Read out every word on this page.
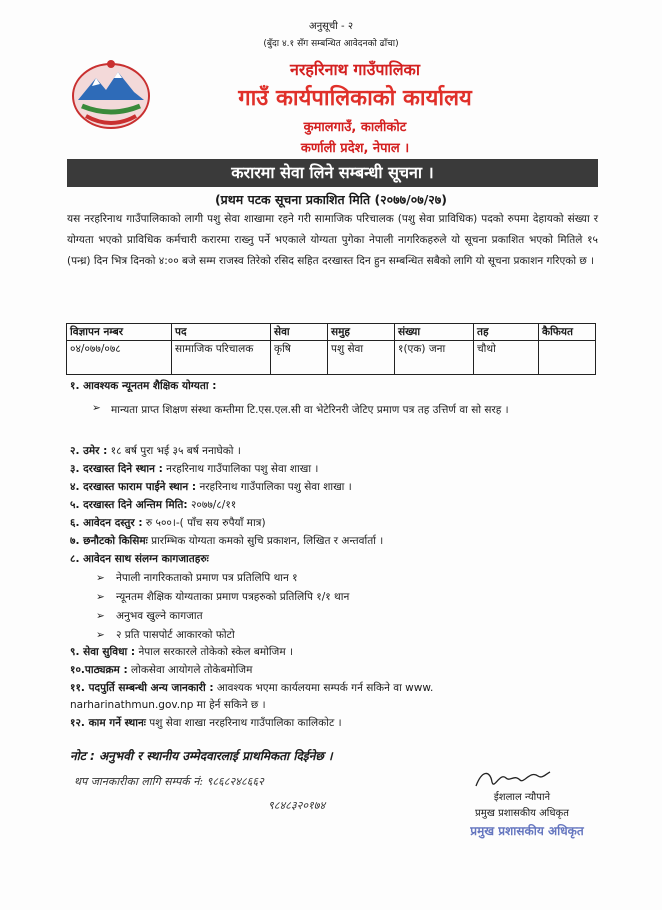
अनुसूची - २
(बुँदा ४.१ सँग सम्बन्धित आवेदनको ढाँचा)
नरहरिनाथ गाउँपालिका
गाउँ कार्यपालिकाको कार्यालय
कुमालगाउँ, कालीकोट
कर्णाली प्रदेश, नेपाल ।
करारमा सेवा लिने सम्बन्धी सूचना ।
(प्रथम पटक सूचना प्रकाशित मिति (२०७७/०७/२७)
यस नरहरिनाथ गाउँपालिकाको लागी पशु सेवा शाखामा रहने गरी सामाजिक परिचालक (पशु सेवा प्राविधिक) पदको रुपमा देहायको संख्या र योग्यता भएको प्राविधिक कर्मचारी करारमा राख्नु पर्ने भएकाले योग्यता पुगेका नेपाली नागरिकहरुले यो सूचना प्रकाशित भएको मितिले १५ (पन्ध्र) दिन भित्र दिनको ४:०० बजे सम्म राजस्व तिरेको रसिद सहित दरखास्त दिन हुन सम्बन्धित सबैको लागि यो सूचना प्रकाशन गरिएको छ ।
विज्ञापन नम्बर	पद	सेवा	समुह	संख्या	तह	कैफियत
०४/०७७/०७८	सामाजिक परिचालक	कृषि	पशु सेवा	१(एक) जना	चौथो	
१. आवश्यक न्यूनतम शैक्षिक योग्यता :
➢ मान्यता प्राप्त शिक्षण संस्था कम्तीमा टि.एस.एल.सी वा भेटेरिनरी जेटिए प्रमाण पत्र तह उत्तिर्ण वा सो सरह ।
२. उमेर : १८ बर्ष पुरा भई ३५ बर्ष ननाघेको ।
३. दरखास्त दिने स्थान : नरहरिनाथ गाउँपालिका पशु सेवा शाखा ।
४. दरखास्त फाराम पाईने स्थान : नरहरिनाथ गाउँपालिका पशु सेवा शाखा ।
५. दरखास्त दिने अन्तिम मिति: २०७७/८/११
६. आवेदन दस्तुर : रु ५००।-( पाँच सय रुपैयाँ मात्र)
७. छनौटको किसिमः प्रारम्भिक योग्यता कमको सुचि प्रकाशन, लिखित र अन्तर्वार्ता ।
८. आवेदन साथ संलग्न कागजातहरुः
➢ नेपाली नागरिकताको प्रमाण पत्र प्रतिलिपि थान १
➢ न्यूनतम शैक्षिक योग्यताका प्रमाण पत्रहरुको प्रतिलिपि १/१ थान
➢ अनुभव खुल्ने कागजात
➢ २ प्रति पासपोर्ट आकारको फोटो
९. सेवा सुविधा : नेपाल सरकारले तोकेको स्केल बमोजिम ।
१०.पाठ्यक्रम : लोकसेवा आयोगले तोकेबमोजिम
११. पदपुर्ति सम्बन्धी अन्य जानकारी : आवश्यक भएमा कार्यलयमा सम्पर्क गर्न सकिने वा www.
narharinathmun.gov.np मा हेर्न सकिने छ ।
१२. काम गर्ने स्थानः पशु सेवा शाखा नरहरिनाथ गाउँपालिका कालिकोट ।
नोट : अनुभवी र स्थानीय उम्मेदवारलाई प्राथमिकता दिईनेछ ।
थप जानकारीका लागि सम्पर्क नं: ९८६८२४८६६२
९८४८३२०१७४
ईशलाल न्यौपाने
प्रमुख प्रशासकीय अधिकृत
प्रमुख प्रशासकीय अधिकृत
